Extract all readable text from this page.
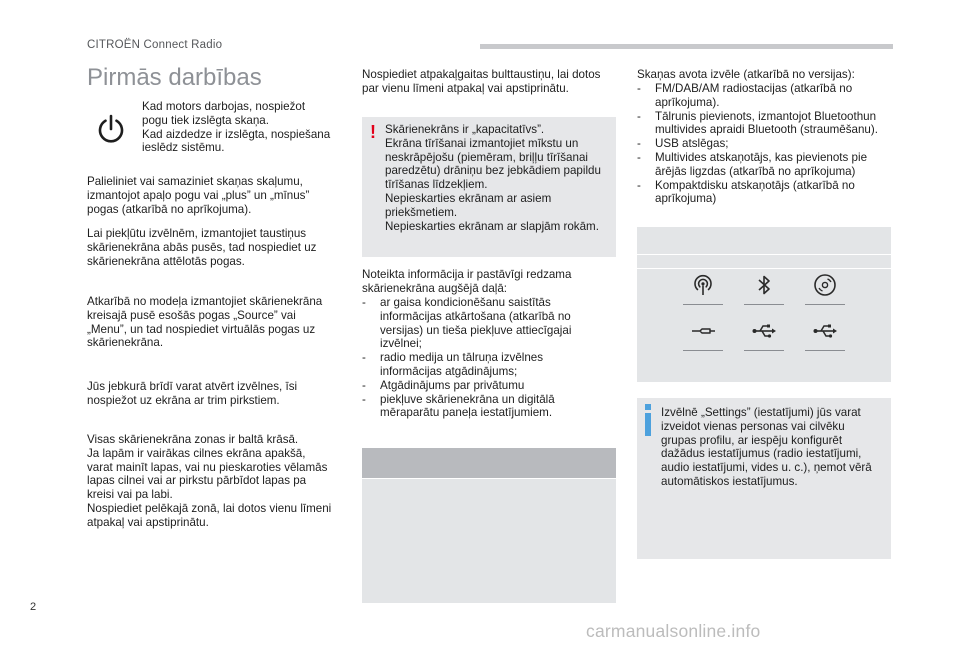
CITROËN Connect Radio
Pirmās darbības
Kad motors darbojas, nospiežot
pogu tiek izslēgta skaņa.
Kad aizdedze ir izslēgta, nospiešana
ieslēdz sistēmu.
Palieliniet vai samaziniet skaņas skaļumu,
izmantojot apaļo pogu vai „plus” un „mīnus”
pogas (atkarībā no aprīkojuma).
Lai piekļūtu izvēlnēm, izmantojiet taustiņus
skārienekrāna abās pusēs, tad nospiediet uz
skārienekrāna attēlotās pogas.
Atkarībā no modeļa izmantojiet skārienekrāna
kreisajā pusē esošās pogas „Source” vai
„Menu”, un tad nospiediet virtuālās pogas uz
skārienekrāna.
Jūs jebkurā brīdī varat atvērt izvēlnes, īsi
nospiežot uz ekrāna ar trim pirkstiem.
Visas skārienekrāna zonas ir baltā krāsā.
Ja lapām ir vairākas cilnes ekrāna apakšā,
varat mainīt lapas, vai nu pieskaroties vēlamās
lapas cilnei vai ar pirkstu pārbīdot lapas pa
kreisi vai pa labi.
Nospiediet pelēkajā zonā, lai dotos vienu līmeni
atpakaļ vai apstiprinātu.
Nospiediet atpakaļgaitas bulttaustiņu, lai dotos
par vienu līmeni atpakaļ vai apstiprinātu.
! Skārienekrāns ir „kapacitatīvs”.
Ekrāna tīrīšanai izmantojiet mīkstu un
neskrāpējošu (piemēram, briļļu tīrīšanai
paredzētu) drāniņu bez jebkādiem papildu
tīrīšanas līdzekļiem.
Nepieskarties ekrānam ar asiem
priekšmetiem.
Nepieskarties ekrānam ar slapjām rokām.
Noteikta informācija ir pastāvīgi redzama
skārienekrāna augšējā daļā:
- ar gaisa kondicionēšanu saistītās
informācijas atkārtošana (atkarībā no
versijas) un tieša piekļuve attiecīgajai
izvēlnei;
- radio medija un tālruņa izvēlnes
informācijas atgādinājums;
- Atgādinājums par privātumu
- piekļuve skārienekrāna un digitālā
mēraparātu paneļa iestatījumiem.
Skaņas avota izvēle (atkarībā no versijas):
- FM/DAB/AM radiostacijas (atkarībā no
aprīkojuma).
- Tālrunis pievienots, izmantojot Bluetoothun
multivides apraidi Bluetooth (straumēšanu).
- USB atslēgas;
- Multivides atskaņotājs, kas pievienots pie
ārējās ligzdas (atkarībā no aprīkojuma)
- Kompaktdisku atskaņotājs (atkarībā no
aprīkojuma)
Izvēlnē „Settings” (iestatījumi) jūs varat
izveidot vienas personas vai cilvēku
grupas profilu, ar iespēju konfigurēt
dažādus iestatījumus (radio iestatījumi,
audio iestatījumi, vides u. c.), ņemot vērā
automātiskos iestatījumus.
2
carmanualsonline.info
